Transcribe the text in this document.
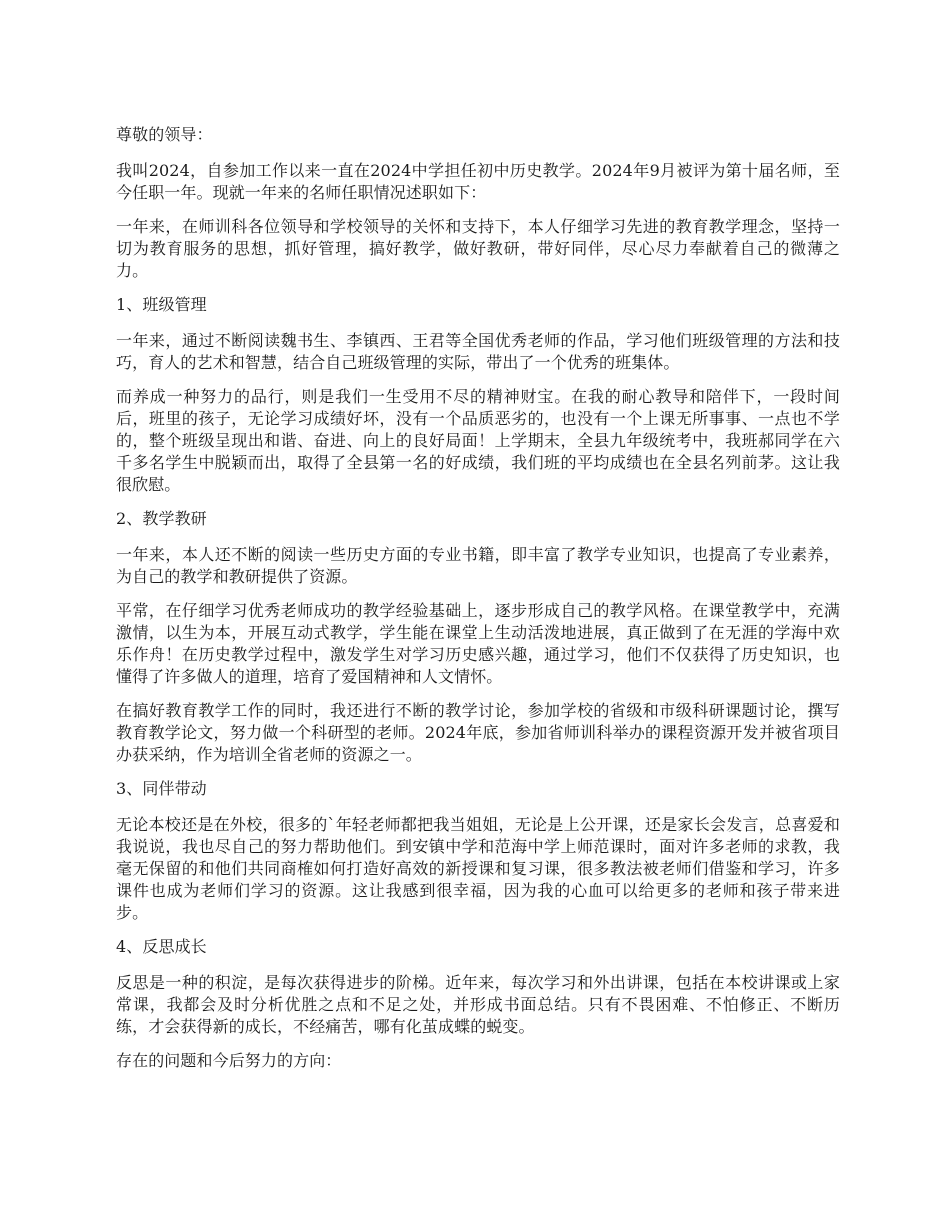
尊敬的领导：

我叫2024，自参加工作以来一直在2024中学担任初中历史教学。2024年9月被评为第十届名师，至今任职一年。现就一年来的名师任职情况述职如下：

一年来，在师训科各位领导和学校领导的关怀和支持下，本人仔细学习先进的教育教学理念，坚持一切为教育服务的思想，抓好管理，搞好教学，做好教研，带好同伴，尽心尽力奉献着自己的微薄之力。

1、班级管理

一年来，通过不断阅读魏书生、李镇西、王君等全国优秀老师的作品，学习他们班级管理的方法和技巧，育人的艺术和智慧，结合自己班级管理的实际，带出了一个优秀的班集体。

而养成一种努力的品行，则是我们一生受用不尽的精神财宝。在我的耐心教导和陪伴下，一段时间后，班里的孩子，无论学习成绩好坏，没有一个品质恶劣的，也没有一个上课无所事事、一点也不学的，整个班级呈现出和谐、奋进、向上的良好局面！上学期末，全县九年级统考中，我班郝同学在六千多名学生中脱颖而出，取得了全县第一名的好成绩，我们班的平均成绩也在全县名列前茅。这让我很欣慰。

2、教学教研

一年来，本人还不断的阅读一些历史方面的专业书籍，即丰富了教学专业知识，也提高了专业素养，为自己的教学和教研提供了资源。

平常，在仔细学习优秀老师成功的教学经验基础上，逐步形成自己的教学风格。在课堂教学中，充满激情，以生为本，开展互动式教学，学生能在课堂上生动活泼地进展，真正做到了在无涯的学海中欢乐作舟！在历史教学过程中，激发学生对学习历史感兴趣，通过学习，他们不仅获得了历史知识，也懂得了许多做人的道理，培育了爱国精神和人文情怀。

在搞好教育教学工作的同时，我还进行不断的教学讨论，参加学校的省级和市级科研课题讨论，撰写教育教学论文，努力做一个科研型的老师。2024年底，参加省师训科举办的课程资源开发并被省项目办获采纳，作为培训全省老师的资源之一。

3、同伴带动

无论本校还是在外校，很多的`年轻老师都把我当姐姐，无论是上公开课，还是家长会发言，总喜爱和我说说，我也尽自己的努力帮助他们。到安镇中学和范海中学上师范课时，面对许多老师的求教，我毫无保留的和他们共同商榷如何打造好高效的新授课和复习课，很多教法被老师们借鉴和学习，许多课件也成为老师们学习的资源。这让我感到很幸福，因为我的心血可以给更多的老师和孩子带来进步。

4、反思成长

反思是一种的积淀，是每次获得进步的阶梯。近年来，每次学习和外出讲课，包括在本校讲课或上家常课，我都会及时分析优胜之点和不足之处，并形成书面总结。只有不畏困难、不怕修正、不断历练，才会获得新的成长，不经痛苦，哪有化茧成蝶的蜕变。

存在的问题和今后努力的方向：
